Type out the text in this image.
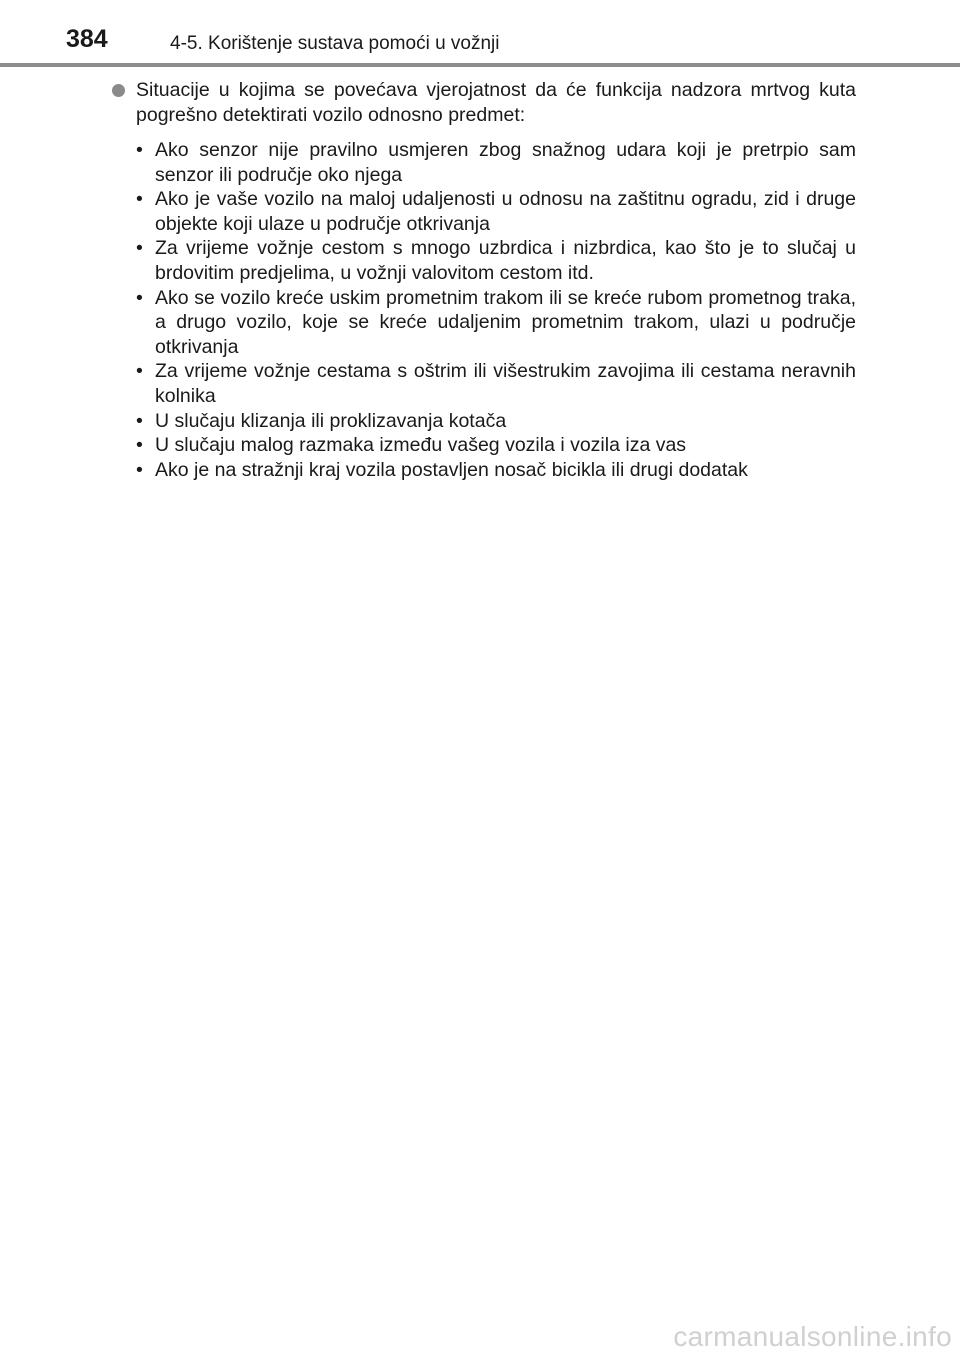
384	4-5. Korištenje sustava pomoći u vožnji
Situacije u kojima se povećava vjerojatnost da će funkcija nadzora mrtvog kuta pogrešno detektirati vozilo odnosno predmet:
• Ako senzor nije pravilno usmjeren zbog snažnog udara koji je pretrpio sam senzor ili područje oko njega
• Ako je vaše vozilo na maloj udaljenosti u odnosu na zaštitnu ogradu, zid i druge objekte koji ulaze u područje otkrivanja
• Za vrijeme vožnje cestom s mnogo uzbrdica i nizbrdica, kao što je to slučaj u brdovitim predjelima, u vožnji valovitom cestom itd.
• Ako se vozilo kreće uskim prometnim trakom ili se kreće rubom prometnog traka, a drugo vozilo, koje se kreće udaljenim prometnim trakom, ulazi u područje otkrivanja
• Za vrijeme vožnje cestama s oštrim ili višestrukim zavojima ili cestama neravnih kolnika
• U slučaju klizanja ili proklizavanja kotača
• U slučaju malog razmaka između vašeg vozila i vozila iza vas
• Ako je na stražnji kraj vozila postavljen nosač bicikla ili drugi dodatak
carmanualsonline.info
